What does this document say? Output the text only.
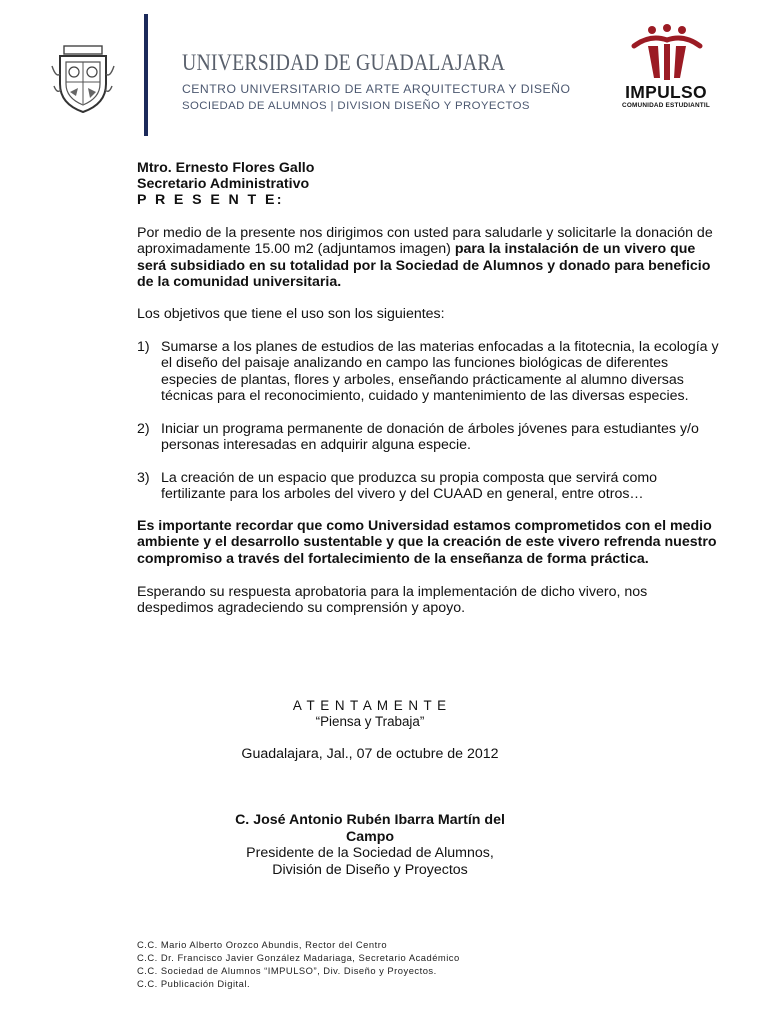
UNIVERSIDAD DE GUADALAJARA
CENTRO UNIVERSITARIO DE ARTE ARQUITECTURA Y DISEÑO
SOCIEDAD DE ALUMNOS | DIVISION DISEÑO Y PROYECTOS
IMPULSO
COMUNIDAD ESTUDIANTIL
Mtro. Ernesto Flores Gallo
Secretario Administrativo
P R E S E N T E:
Por medio de la presente nos dirigimos con usted para saludarle y solicitarle la donación de aproximadamente 15.00 m2 (adjuntamos imagen) para la instalación de un vivero que será subsidiado en su totalidad por la Sociedad de Alumnos y donado para beneficio de la comunidad universitaria.
Los objetivos que tiene el uso son los siguientes:
1) Sumarse a los planes de estudios de las materias enfocadas a la fitotecnia, la ecología y el diseño del paisaje analizando en campo las funciones biológicas de diferentes especies de plantas, flores y arboles, enseñando prácticamente al alumno diversas técnicas para el reconocimiento, cuidado y mantenimiento de las diversas especies.
2) Iniciar un programa permanente de donación de árboles jóvenes para estudiantes y/o personas interesadas en adquirir alguna especie.
3) La creación de un espacio que produzca su propia composta que servirá como fertilizante para los arboles del vivero y del CUAAD en general, entre otros…
Es importante recordar que como Universidad estamos comprometidos con el medio ambiente y el desarrollo sustentable y que la creación de este vivero refrenda nuestro compromiso a través del fortalecimiento de la enseñanza de forma práctica.
Esperando su respuesta aprobatoria para la implementación de dicho vivero, nos despedimos agradeciendo su comprensión y apoyo.
A T E N T A M E N T E
“Piensa y Trabaja”
Guadalajara, Jal., 07 de octubre de 2012
C. José Antonio Rubén Ibarra Martín del Campo
Presidente de la Sociedad de Alumnos,
División de Diseño y Proyectos
C.C. Mario Alberto Orozco Abundis, Rector del Centro
C.C. Dr. Francisco Javier González Madariaga, Secretario Académico
C.C. Sociedad de Alumnos “IMPULSO”, Div. Diseño y Proyectos.
C.C. Publicación Digital.
